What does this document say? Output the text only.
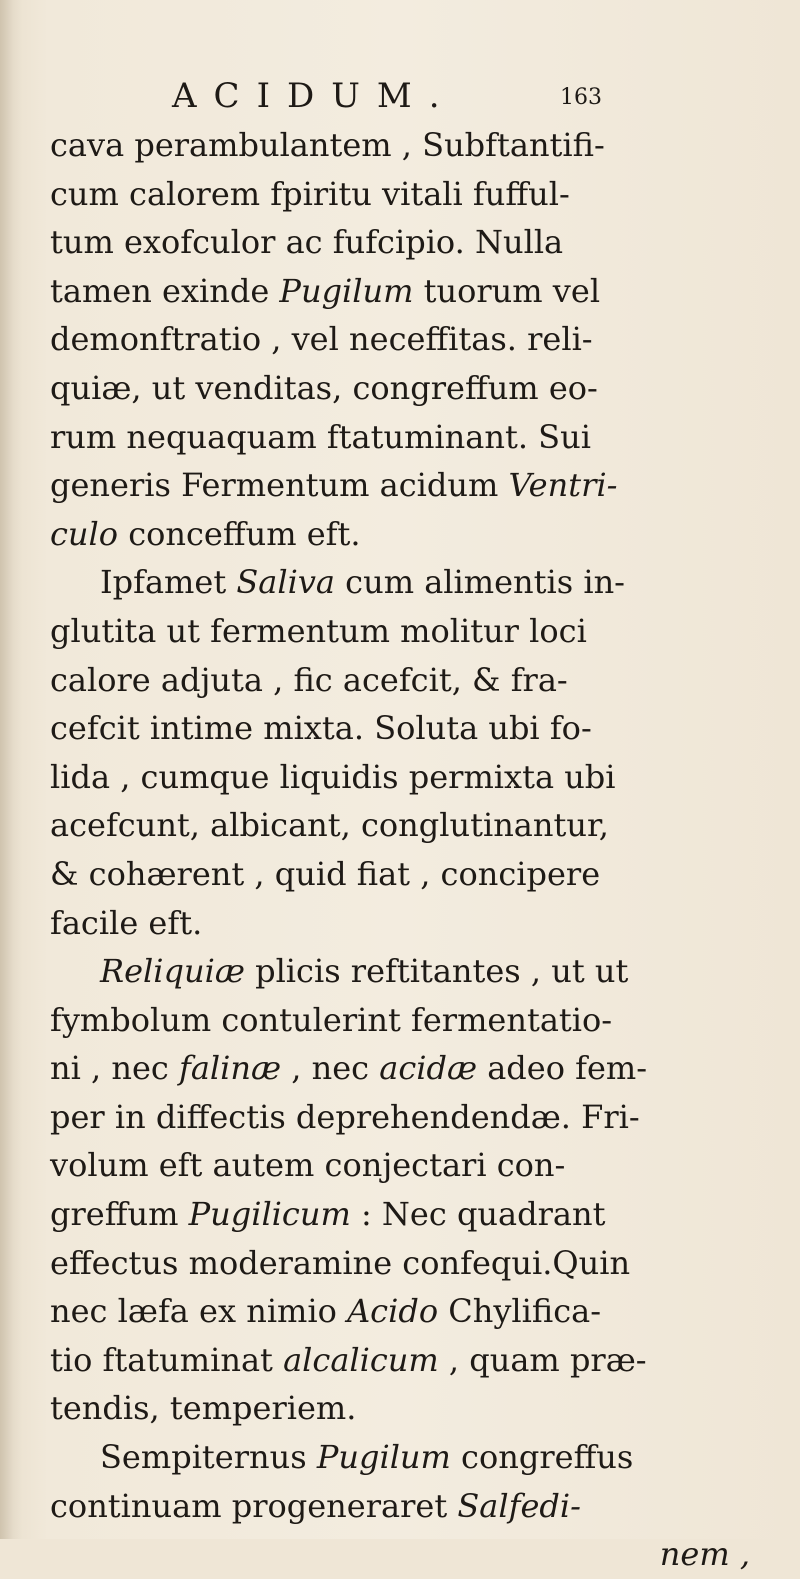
ACIDUM.	163
cava perambulantem , Subftantifi-
cum calorem fpiritu vitali fufful-
tum exofculor ac fufcipio. Nulla
tamen exinde Pugilum tuorum vel
demonftratio , vel neceffitas. reli-
quiæ, ut venditas, congreffum eo-
rum nequaquam ftatuminant. Sui
generis Fermentum acidum Ventri-
culo conceffum eft.
Ipfamet Saliva cum alimentis in-
glutita ut fermentum molitur loci
calore adjuta , fic acefcit, & fra-
cefcit intime mixta. Soluta ubi fo-
lida , cumque liquidis permixta ubi
acefcunt, albicant, conglutinantur,
& cohærent , quid fiat , concipere
facile eft.
Reliquiæ plicis reftitantes , ut ut
fymbolum contulerint fermentatio-
ni , nec falinæ , nec acidæ adeo fem-
per in diffectis deprehendendæ. Fri-
volum eft autem conjectari con-
greffum Pugilicum : Nec quadrant
effectus moderamine confequi.Quin
nec læfa ex nimio Acido Chylifica-
tio ftatuminat alcalicum , quam præ-
tendis, temperiem.
Sempiternus Pugilum congreffus
continuam progeneraret Salfedi-
nem ,
